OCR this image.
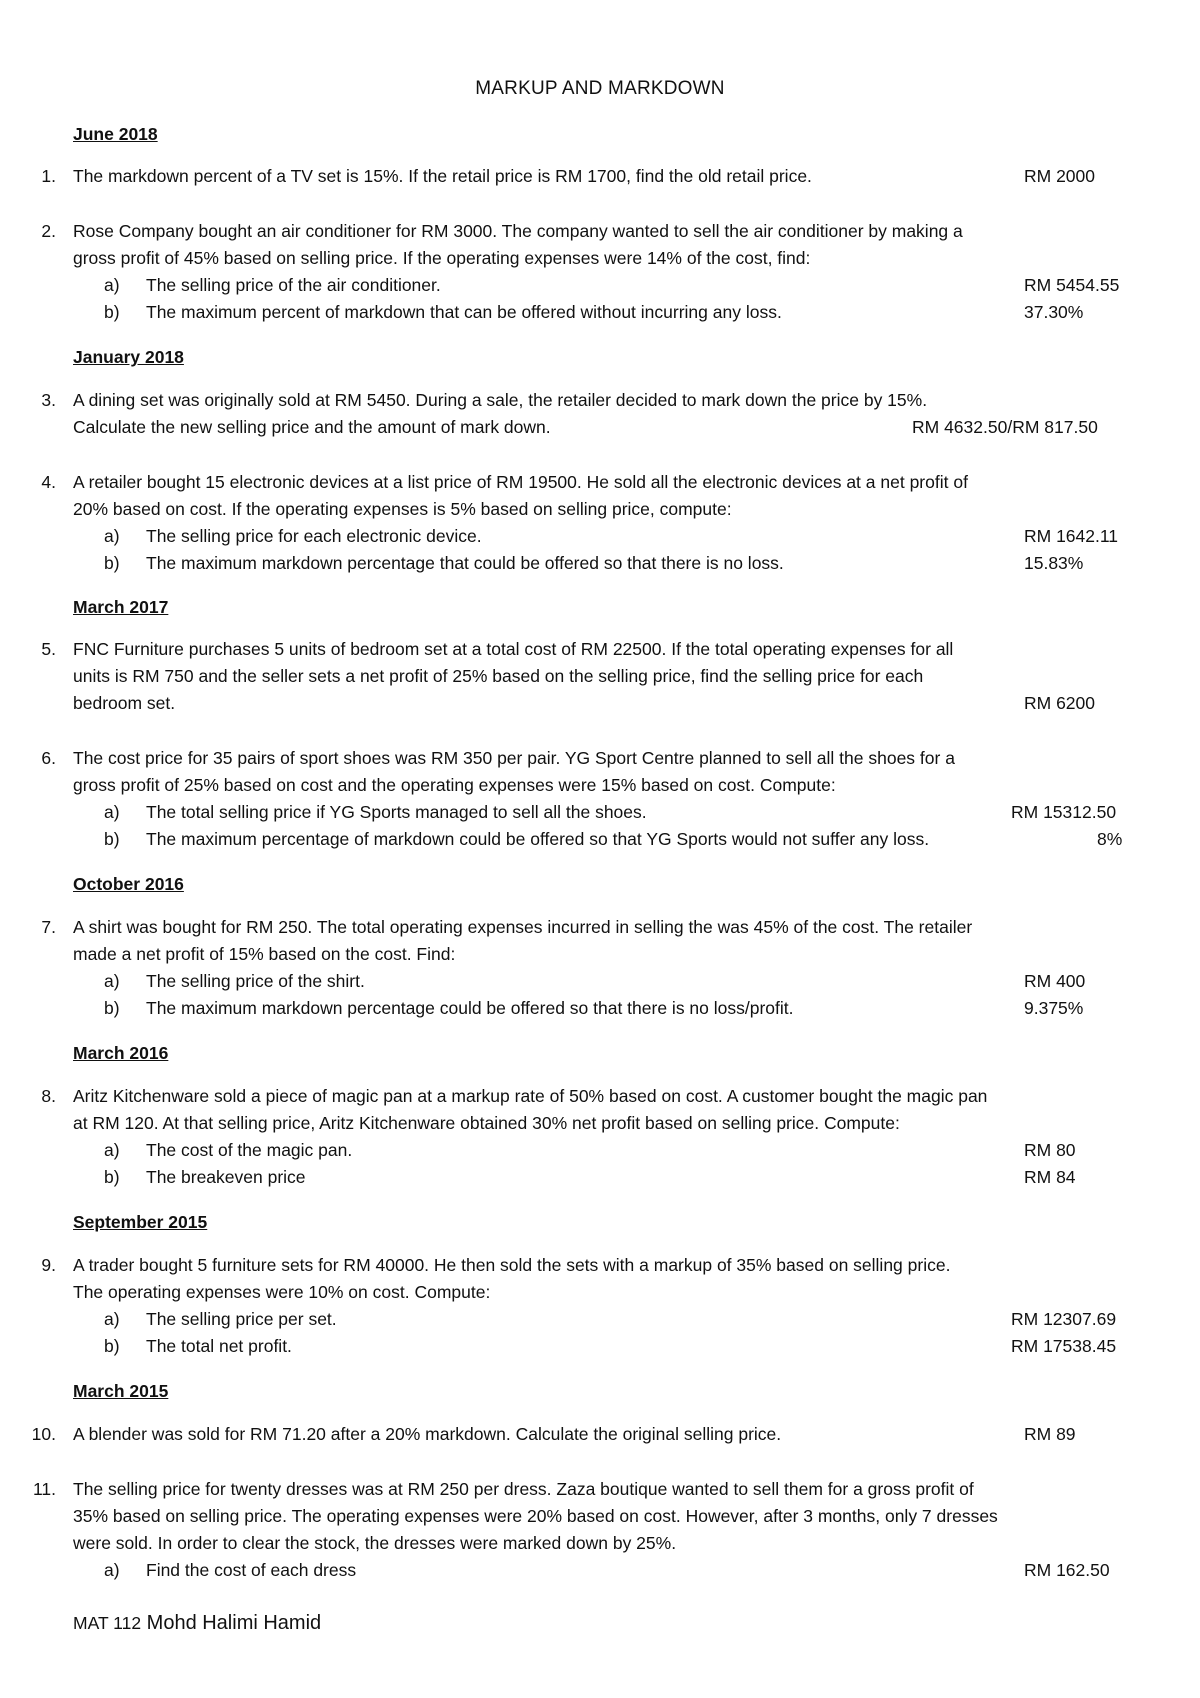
MARKUP AND MARKDOWN
June 2018
1. The markdown percent of a TV set is 15%. If the retail price is RM 1700, find the old retail price.	RM 2000
2. Rose Company bought an air conditioner for RM 3000. The company wanted to sell the air conditioner by making a
gross profit of 45% based on selling price. If the operating expenses were 14% of the cost, find:
a) The selling price of the air conditioner.	RM 5454.55
b) The maximum percent of markdown that can be offered without incurring any loss.	37.30%
January 2018
3. A dining set was originally sold at RM 5450. During a sale, the retailer decided to mark down the price by 15%.
Calculate the new selling price and the amount of mark down.	RM 4632.50/RM 817.50
4. A retailer bought 15 electronic devices at a list price of RM 19500. He sold all the electronic devices at a net profit of
20% based on cost. If the operating expenses is 5% based on selling price, compute:
a) The selling price for each electronic device.	RM 1642.11
b) The maximum markdown percentage that could be offered so that there is no loss.	15.83%
March 2017
5. FNC Furniture purchases 5 units of bedroom set at a total cost of RM 22500. If the total operating expenses for all
units is RM 750 and the seller sets a net profit of 25% based on the selling price, find the selling price for each
bedroom set.	RM 6200
6. The cost price for 35 pairs of sport shoes was RM 350 per pair. YG Sport Centre planned to sell all the shoes for a
gross profit of 25% based on cost and the operating expenses were 15% based on cost. Compute:
a) The total selling price if YG Sports managed to sell all the shoes.	RM 15312.50
b) The maximum percentage of markdown could be offered so that YG Sports would not suffer any loss.	8%
October 2016
7. A shirt was bought for RM 250. The total operating expenses incurred in selling the was 45% of the cost. The retailer
made a net profit of 15% based on the cost. Find:
a) The selling price of the shirt.	RM 400
b) The maximum markdown percentage could be offered so that there is no loss/profit.	9.375%
March 2016
8. Aritz Kitchenware sold a piece of magic pan at a markup rate of 50% based on cost. A customer bought the magic pan
at RM 120. At that selling price, Aritz Kitchenware obtained 30% net profit based on selling price. Compute:
a) The cost of the magic pan.	RM 80
b) The breakeven price	RM 84
September 2015
9. A trader bought 5 furniture sets for RM 40000. He then sold the sets with a markup of 35% based on selling price.
The operating expenses were 10% on cost. Compute:
a) The selling price per set.	RM 12307.69
b) The total net profit.	RM 17538.45
March 2015
10. A blender was sold for RM 71.20 after a 20% markdown. Calculate the original selling price.	RM 89
11. The selling price for twenty dresses was at RM 250 per dress. Zaza boutique wanted to sell them for a gross profit of
35% based on selling price. The operating expenses were 20% based on cost. However, after 3 months, only 7 dresses
were sold. In order to clear the stock, the dresses were marked down by 25%.
a) Find the cost of each dress	RM 162.50
MAT 112 Mohd Halimi Hamid
